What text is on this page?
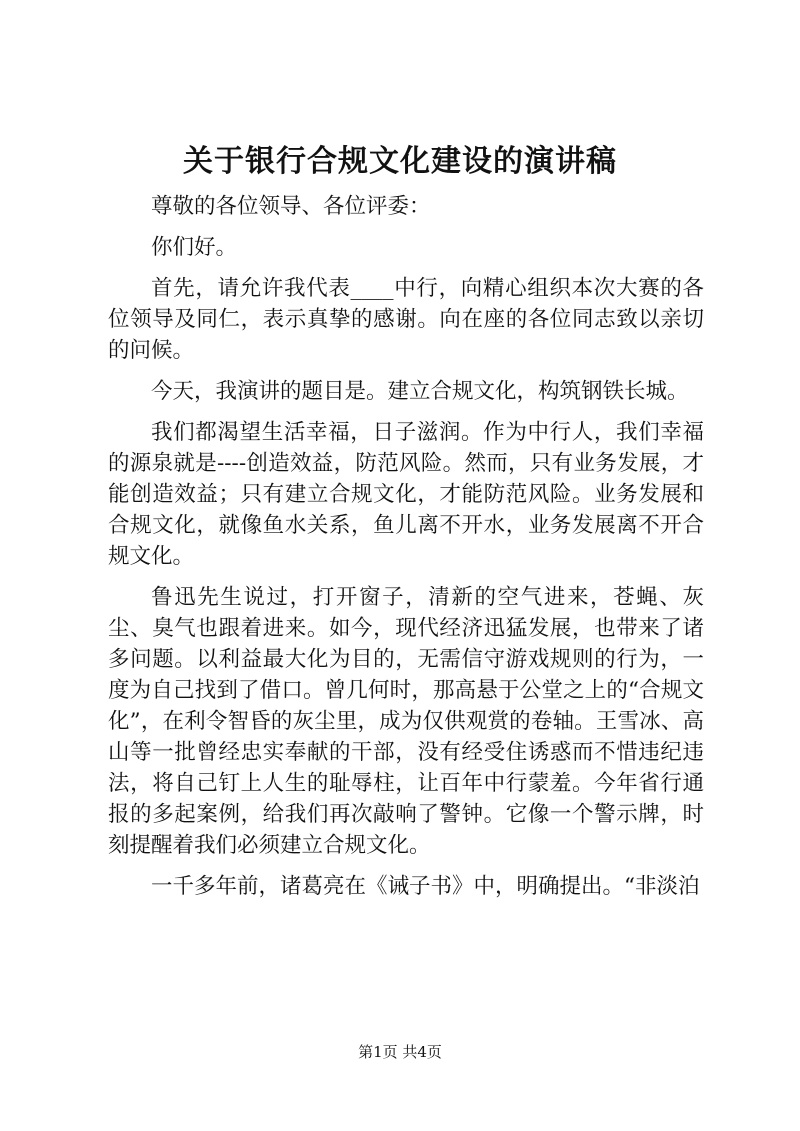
关于银行合规文化建设的演讲稿

尊敬的各位领导、各位评委：

你们好。

首先，请允许我代表____中行，向精心组织本次大赛的各位领导及同仁，表示真挚的感谢。向在座的各位同志致以亲切的问候。

今天，我演讲的题目是。建立合规文化，构筑钢铁长城。

我们都渴望生活幸福，日子滋润。作为中行人，我们幸福的源泉就是----创造效益，防范风险。然而，只有业务发展，才能创造效益；只有建立合规文化，才能防范风险。业务发展和合规文化，就像鱼水关系，鱼儿离不开水，业务发展离不开合规文化。

鲁迅先生说过，打开窗子，清新的空气进来，苍蝇、灰尘、臭气也跟着进来。如今，现代经济迅猛发展，也带来了诸多问题。以利益最大化为目的，无需信守游戏规则的行为，一度为自己找到了借口。曾几何时，那高悬于公堂之上的“合规文化”，在利令智昏的灰尘里，成为仅供观赏的卷轴。王雪冰、高山等一批曾经忠实奉献的干部，没有经受住诱惑而不惜违纪违法，将自己钉上人生的耻辱柱，让百年中行蒙羞。今年省行通报的多起案例，给我们再次敲响了警钟。它像一个警示牌，时刻提醒着我们必须建立合规文化。

一千多年前，诸葛亮在《诫子书》中，明确提出。“非淡泊

第1页 共4页
